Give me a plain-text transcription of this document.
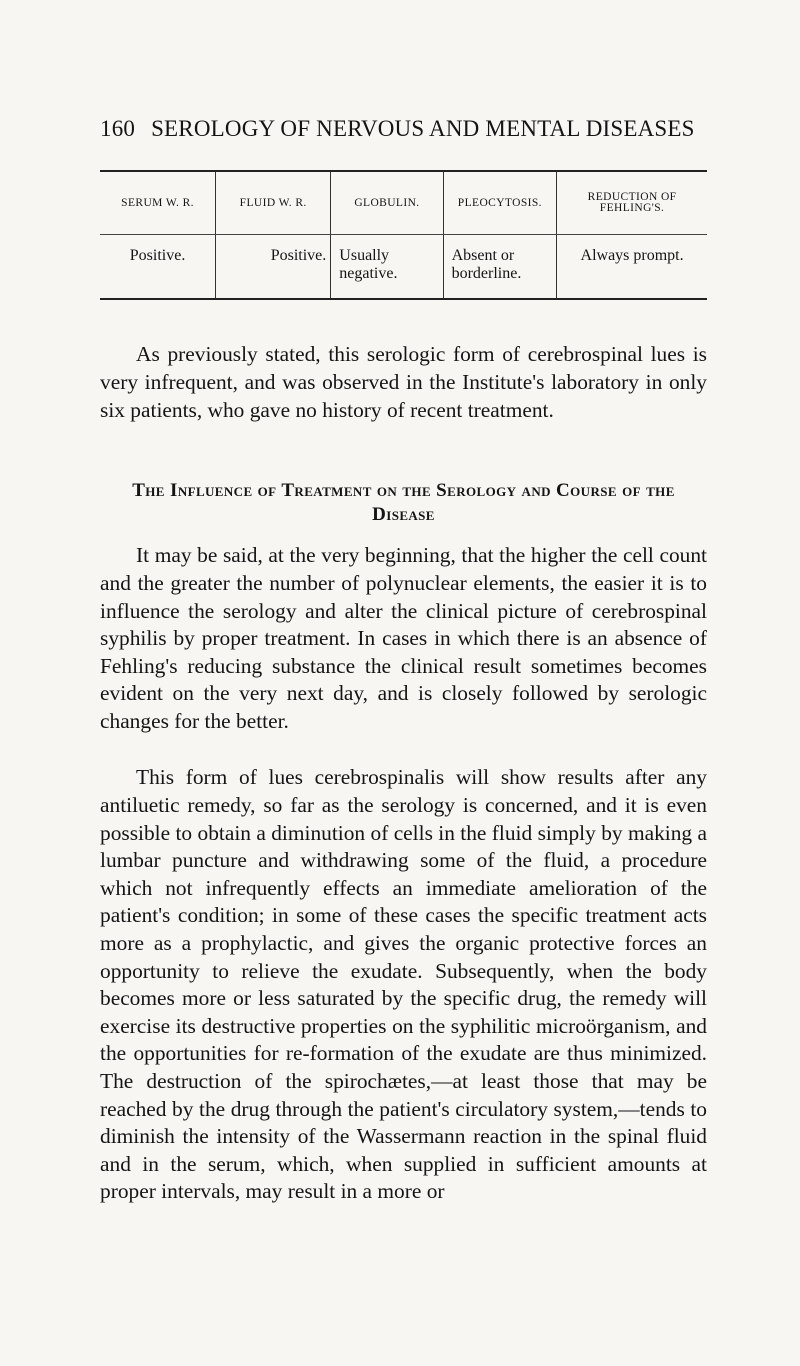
160 SEROLOGY OF NERVOUS AND MENTAL DISEASES
SERUM W. R.	FLUID W. R.	GLOBULIN.	PLEOCYTOSIS.	REDUCTION OF FEHLING'S.
Positive.	Positive.	Usually negative.	Absent or borderline.	Always prompt.

As previously stated, this serologic form of cerebrospinal lues is very infrequent, and was observed in the Institute's laboratory in only six patients, who gave no history of recent treatment.

The Influence of Treatment on the Serology and Course of the Disease

It may be said, at the very beginning, that the higher the cell count and the greater the number of polynuclear elements, the easier it is to influence the serology and alter the clinical picture of cerebrospinal syphilis by proper treatment. In cases in which there is an absence of Fehling's reducing substance the clinical result sometimes becomes evident on the very next day, and is closely followed by serologic changes for the better.

This form of lues cerebrospinalis will show results after any antiluetic remedy, so far as the serology is concerned, and it is even possible to obtain a diminution of cells in the fluid simply by making a lumbar puncture and withdrawing some of the fluid, a procedure which not infrequently effects an immediate amelioration of the patient's condition; in some of these cases the specific treatment acts more as a prophylactic, and gives the organic protective forces an opportunity to relieve the exudate. Subsequently, when the body becomes more or less saturated by the specific drug, the remedy will exercise its destructive properties on the syphilitic microörganism, and the opportunities for re-formation of the exudate are thus minimized. The destruction of the spirochætes,—at least those that may be reached by the drug through the patient's circulatory system,—tends to diminish the intensity of the Wassermann reaction in the spinal fluid and in the serum, which, when supplied in sufficient amounts at proper intervals, may result in a more or
